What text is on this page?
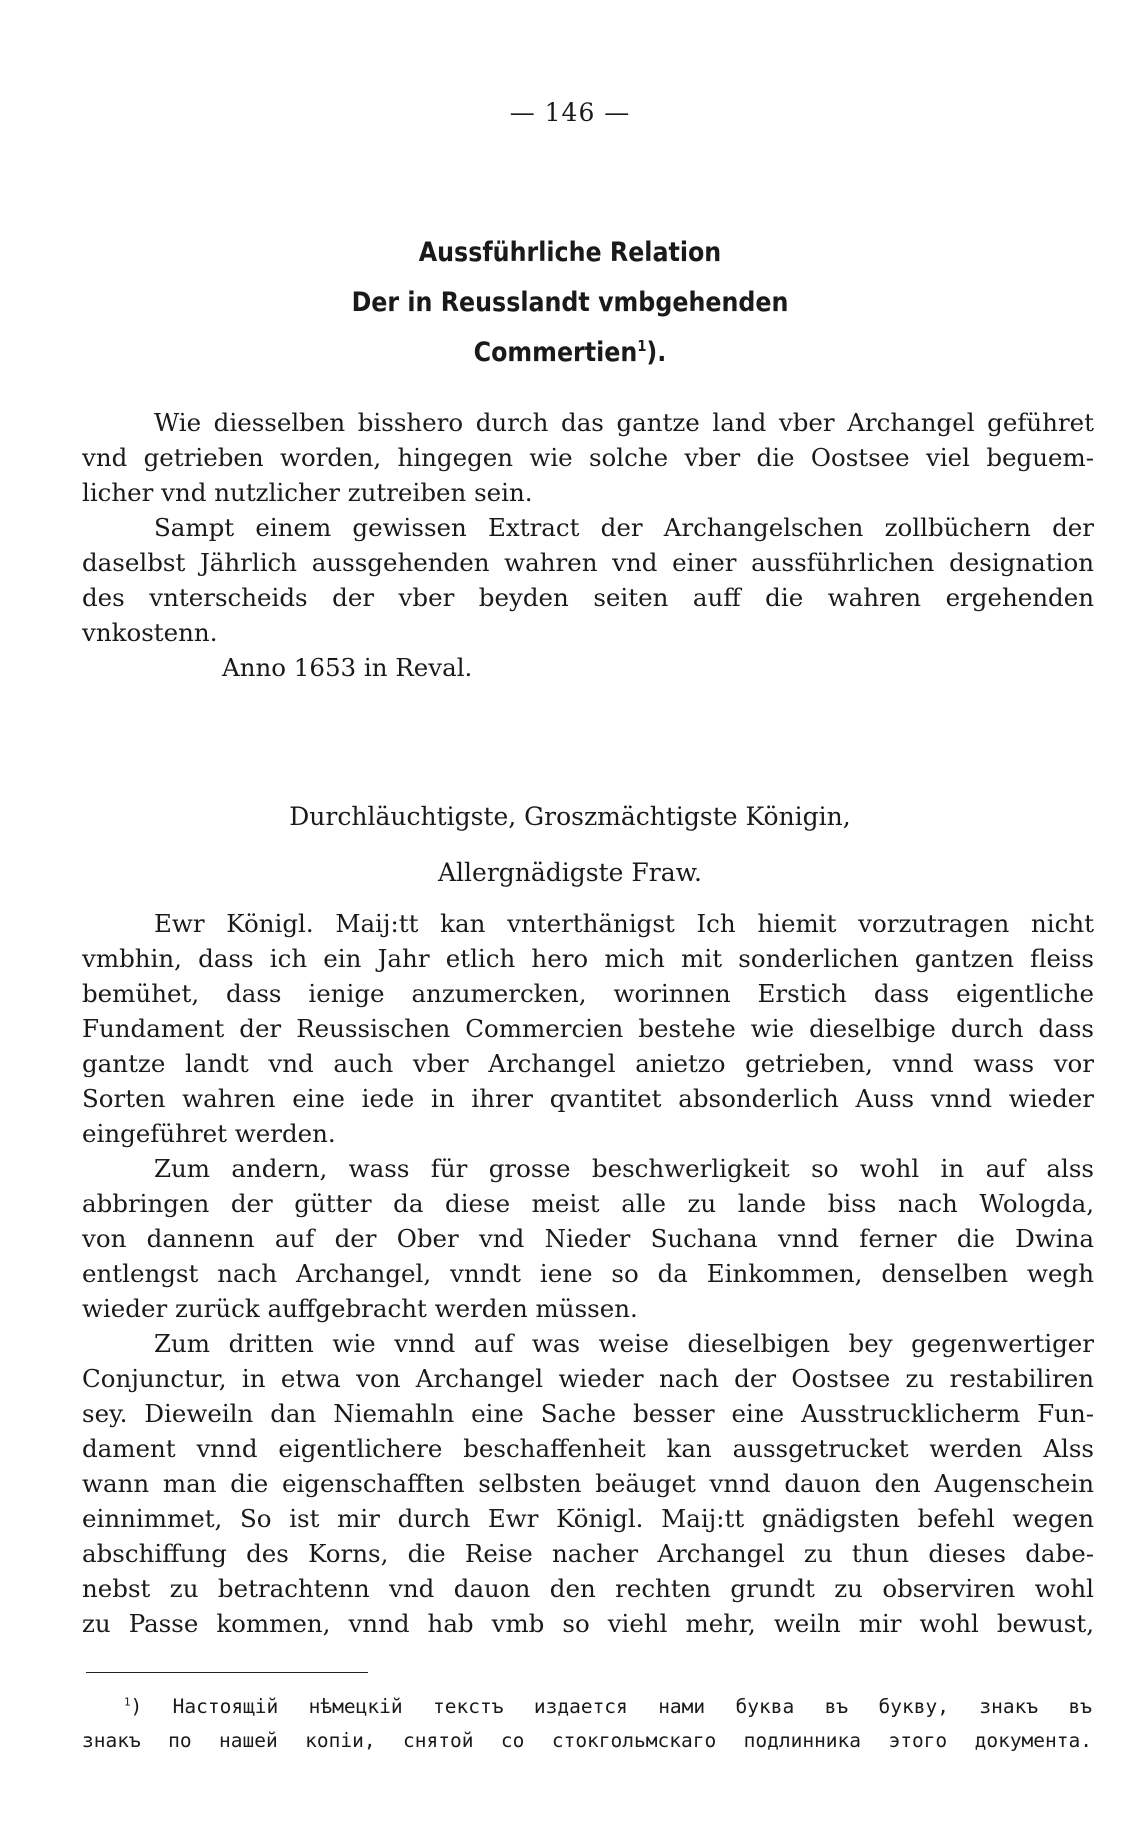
— 146 —
Aussführliche Relation
Der in Reusslandt vmbgehenden
Commertien$^1$).
Wie diesselben bisshero durch das gantze land vber Archangel geführet
vnd getrieben worden, hingegen wie solche vber die Oostsee viel beguem-
licher vnd nutzlicher zutreiben sein.
Sampt einem gewissen Extract der Archangelschen zollbüchern der
daselbst Jährlich aussgehenden wahren vnd einer aussführlichen designation
des vnterscheids der vber beyden seiten auff die wahren ergehenden
vnkostenn.
Anno 1653 in Reval.
Durchläuchtigste, Groszmächtigste Königin,
Allergnädigste Fraw.
Ewr Königl. Maij:tt kan vnterthänigst Ich hiemit vorzutragen nicht
vmbhin, dass ich ein Jahr etlich hero mich mit sonderlichen gantzen fleiss
bemühet, dass ienige anzumercken, worinnen Erstich dass eigentliche
Fundament der Reussischen Commercien bestehe wie dieselbige durch dass
gantze landt vnd auch vber Archangel anietzo getrieben, vnnd wass vor
Sorten wahren eine iede in ihrer qvantitet absonderlich Auss vnnd wieder
eingeführet werden.
Zum andern, wass für grosse beschwerligkeit so wohl in auf alss
abbringen der gütter da diese meist alle zu lande biss nach Wologda,
von dannenn auf der Ober vnd Nieder Suchana vnnd ferner die Dwina
entlengst nach Archangel, vnndt iene so da Einkommen, denselben wegh
wieder zurück auffgebracht werden müssen.
Zum dritten wie vnnd auf was weise dieselbigen bey gegenwertiger
Conjunctur, in etwa von Archangel wieder nach der Oostsee zu restabiliren
sey. Dieweiln dan Niemahln eine Sache besser eine Ausstrucklicherm Fun-
dament vnnd eigentlichere beschaffenheit kan aussgetrucket werden Alss
wann man die eigenschafften selbsten beäuget vnnd dauon den Augenschein
einnimmet, So ist mir durch Ewr Königl. Maij:tt gnädigsten befehl wegen
abschiffung des Korns, die Reise nacher Archangel zu thun dieses dabe-
nebst zu betrachtenn vnd dauon den rechten grundt zu observiren wohl
zu Passe kommen, vnnd hab vmb so viehl mehr, weiln mir wohl bewust,
$^1$) Настоящій нѣмецкій текстъ издается нами буква въ букву, знакъ въ
знакъ по нашей копіи, снятой со стокгольмскаго подлинника этого документа.
